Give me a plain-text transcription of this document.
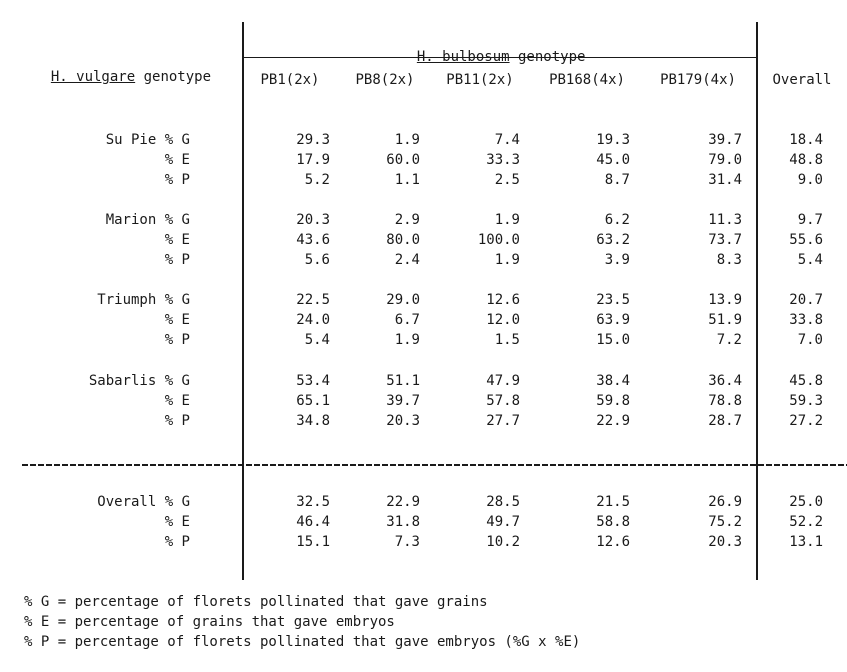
H. vulgare genotype

H. bulbosum genotype

PB1(2x)	PB8(2x)	PB11(2x)	PB168(4x)	PB179(4x)	Overall
Su Pie % G	29.3	1.9	7.4	19.3	39.7	18.4
% E	17.9	60.0	33.3	45.0	79.0	48.8
% P	5.2	1.1	2.5	8.7	31.4	9.0
Marion % G	20.3	2.9	1.9	6.2	11.3	9.7
% E	43.6	80.0	100.0	63.2	73.7	55.6
% P	5.6	2.4	1.9	3.9	8.3	5.4
Triumph % G	22.5	29.0	12.6	23.5	13.9	20.7
% E	24.0	6.7	12.0	63.9	51.9	33.8
% P	5.4	1.9	1.5	15.0	7.2	7.0
Sabarlis % G	53.4	51.1	47.9	38.4	36.4	45.8
% E	65.1	39.7	57.8	59.8	78.8	59.3
% P	34.8	20.3	27.7	22.9	28.7	27.2
Overall % G	32.5	22.9	28.5	21.5	26.9	25.0
% E	46.4	31.8	49.7	58.8	75.2	52.2
% P	15.1	7.3	10.2	12.6	20.3	13.1
% G = percentage of florets pollinated that gave grains
% E = percentage of grains that gave embryos
% P = percentage of florets pollinated that gave embryos (%G x %E)
